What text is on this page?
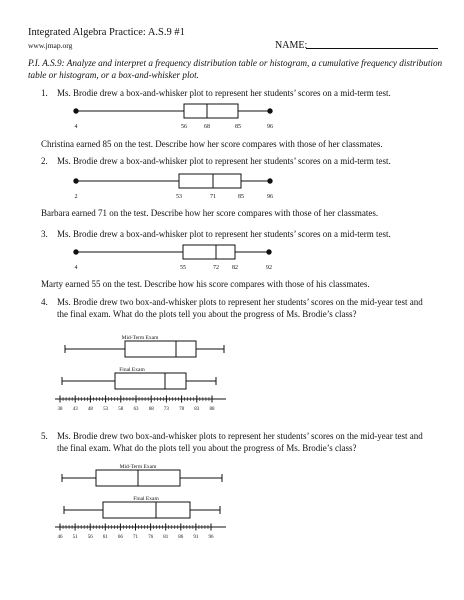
Integrated Algebra Practice: A.S.9 #1
www.jmap.org	NAME:
P.I. A.S.9: Analyze and interpret a frequency distribution table or histogram, a cumulative frequency distribution table or histogram, or a box-and-whisker plot.
1. Ms. Brodie drew a box-and-whisker plot to represent her students’ scores on a mid-term test.
Christina earned 85 on the test. Describe how her score compares with those of her classmates.
2. Ms. Brodie drew a box-and-whisker plot to represent her students’ scores on a mid-term test.
Barbara earned 71 on the test. Describe how her score compares with those of her classmates.
3. Ms. Brodie drew a box-and-whisker plot to represent her students’ scores on a mid-term test.
Marty earned 55 on the test. Describe how his score compares with those of his classmates.
4. Ms. Brodie drew two box-and-whisker plots to represent her students’ scores on the mid-year test and the final exam. What do the plots tell you about the progress of Ms. Brodie’s class?
5. Ms. Brodie drew two box-and-whisker plots to represent her students’ scores on the mid-year test and the final exam. What do the plots tell you about the progress of Ms. Brodie’s class?
4	56	68	85	96
2	53	71	85	96
4	55	72 82	92
Mid-Term Exam
Final Exam
Mid-Term Exam
Final Exam
38 43 48 53 58 63 68 73 78 83 88
46 51 56 61 66 71 76 81 86 91 96
